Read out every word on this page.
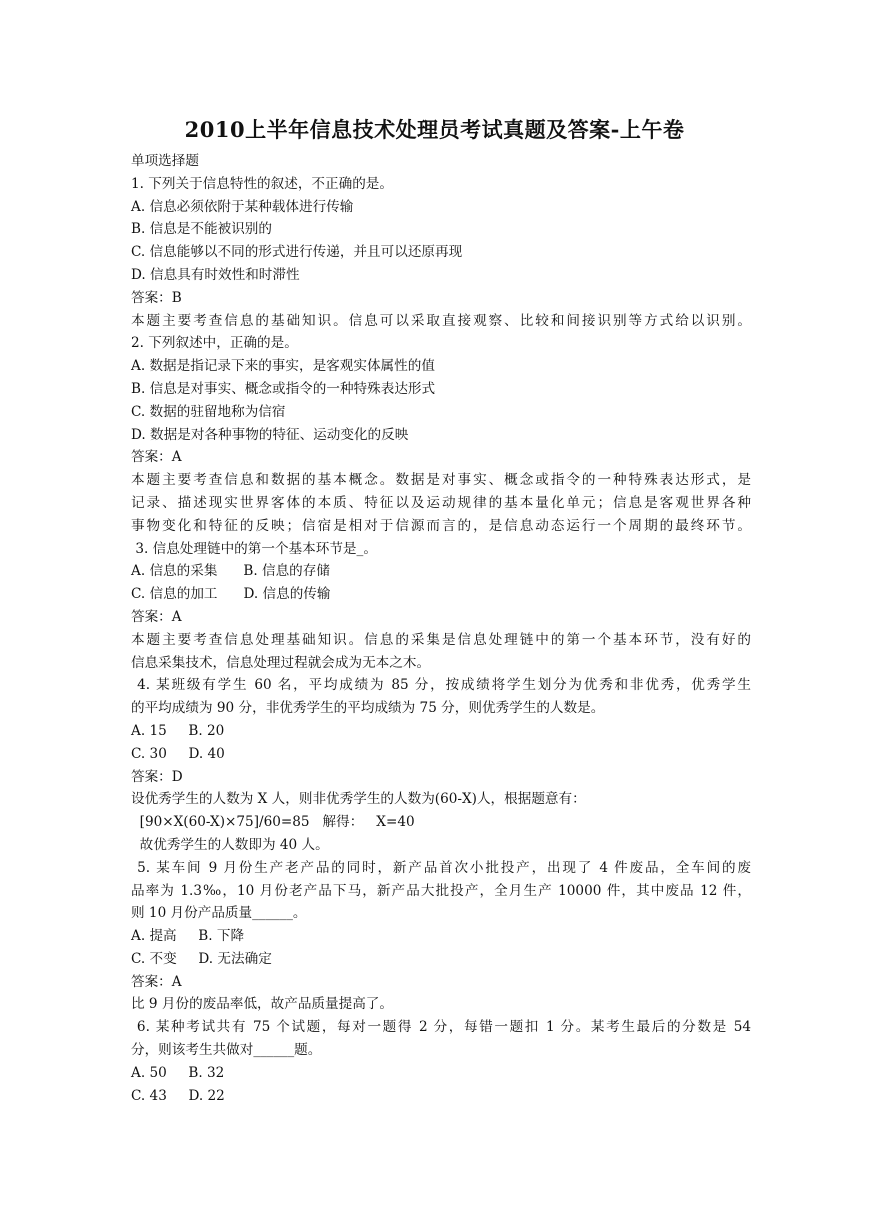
2010上半年信息技术处理员考试真题及答案-上午卷
单项选择题
1. 下列关于信息特性的叙述，不正确的是。
A. 信息必须依附于某种载体进行传输
B. 信息是不能被识别的
C. 信息能够以不同的形式进行传递，并且可以还原再现
D. 信息具有时效性和时滞性
答案：B
本题主要考查信息的基础知识。信息可以采取直接观察、比较和间接识别等方式给以识别。
2. 下列叙述中，正确的是。
A. 数据是指记录下来的事实，是客观实体属性的值
B. 信息是对事实、概念或指令的一种特殊表达形式
C. 数据的驻留地称为信宿
D. 数据是对各种事物的特征、运动变化的反映
答案：A
本题主要考查信息和数据的基本概念。数据是对事实、概念或指令的一种特殊表达形式，是
记录、描述现实世界客体的本质、特征以及运动规律的基本量化单元；信息是客观世界各种
事物变化和特征的反映；信宿是相对于信源而言的，是信息动态运行一个周期的最终环节。
3. 信息处理链中的第一个基本环节是_。
A. 信息的采集      B. 信息的存储
C. 信息的加工      D. 信息的传输
答案：A
本题主要考查信息处理基础知识。信息的采集是信息处理链中的第一个基本环节，没有好的
信息采集技术，信息处理过程就会成为无本之木。
4. 某班级有学生 60 名，平均成绩为 85 分，按成绩将学生划分为优秀和非优秀，优秀学生
的平均成绩为 90 分，非优秀学生的平均成绩为 75 分，则优秀学生的人数是。
A. 15     B. 20
C. 30     D. 40
答案：D
设优秀学生的人数为 X 人，则非优秀学生的人数为(60-X)人，根据题意有：
[90×X(60-X)×75]/60=85   解得：   X=40
故优秀学生的人数即为 40 人。
5. 某车间 9 月份生产老产品的同时，新产品首次小批投产，出现了 4 件废品，全车间的废
品率为 1.3‰，10 月份老产品下马，新产品大批投产，全月生产 10000 件，其中废品 12 件，
则 10 月份产品质量______。
A. 提高     B. 下降
C. 不变     D. 无法确定
答案：A
比 9 月份的废品率低，故产品质量提高了。
6. 某种考试共有 75 个试题，每对一题得 2 分，每错一题扣 1 分。某考生最后的分数是 54
分，则该考生共做对______题。
A. 50     B. 32
C. 43     D. 22
